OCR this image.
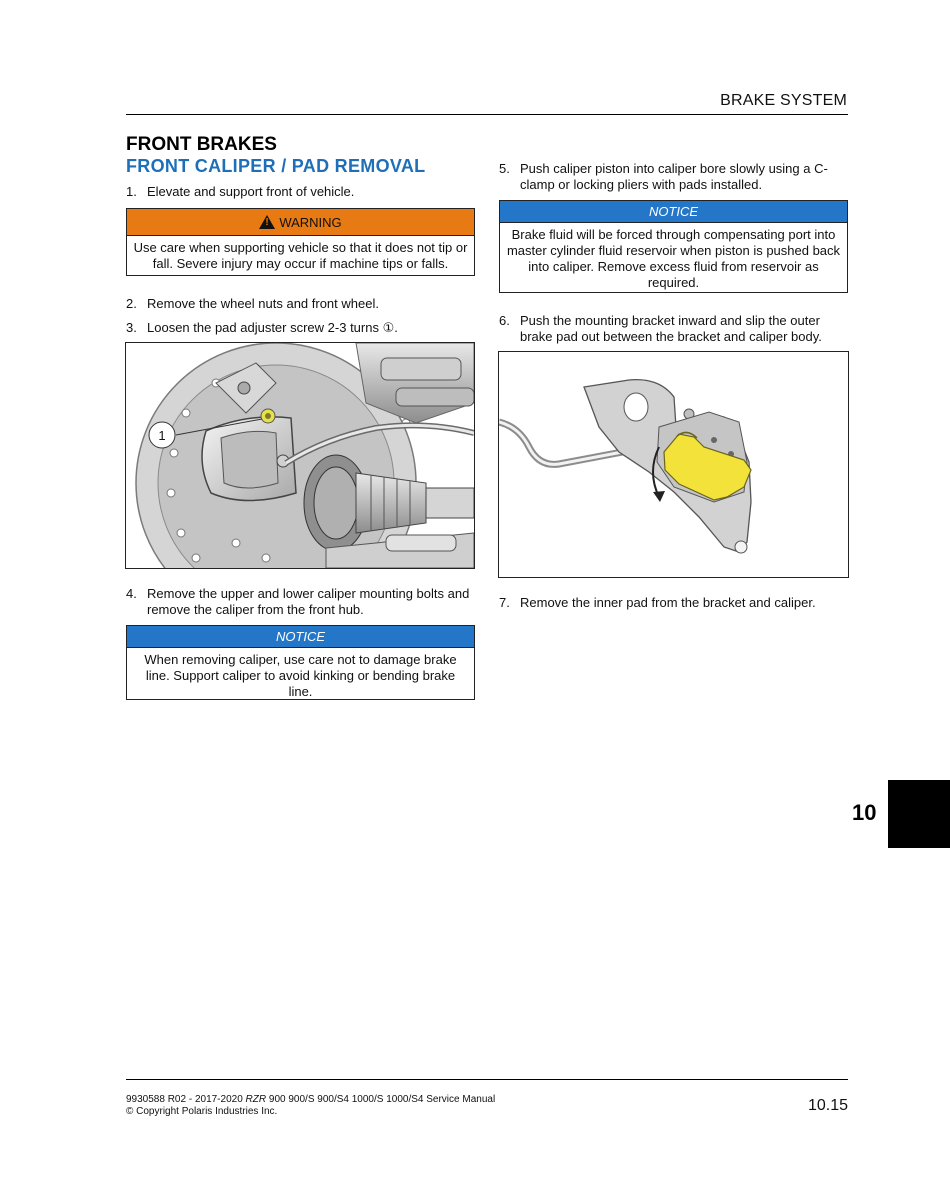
BRAKE SYSTEM
FRONT BRAKES
FRONT CALIPER / PAD REMOVAL
1. Elevate and support front of vehicle.
!WARNING
Use care when supporting vehicle so that it does not tip or fall. Severe injury may occur if machine tips or falls.
2. Remove the wheel nuts and front wheel.
3. Loosen the pad adjuster screw 2-3 turns ①.
1
4. Remove the upper and lower caliper mounting bolts and remove the caliper from the front hub.
NOTICE
When removing caliper, use care not to damage brake line. Support caliper to avoid kinking or bending brake line.
5. Push caliper piston into caliper bore slowly using a C-clamp or locking pliers with pads installed.
NOTICE
Brake fluid will be forced through compensating port into master cylinder fluid reservoir when piston is pushed back into caliper. Remove excess fluid from reservoir as required.
6. Push the mounting bracket inward and slip the outer brake pad out between the bracket and caliper body.
7. Remove the inner pad from the bracket and caliper.
10
9930588 R02 - 2017-2020 RZR 900 900/S 900/S4 1000/S 1000/S4 Service Manual
© Copyright Polaris Industries Inc.	10.15
